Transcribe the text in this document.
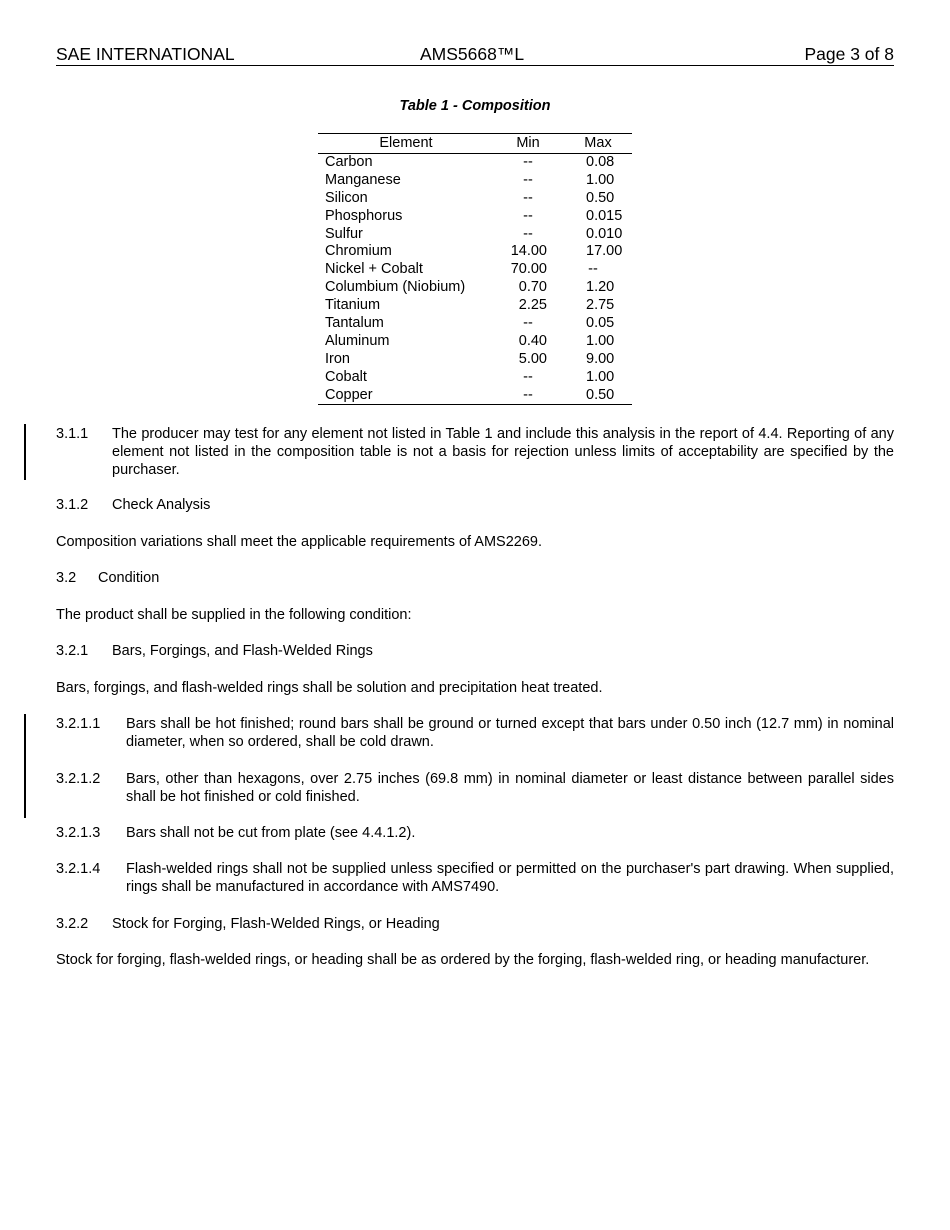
SAE INTERNATIONAL	AMS5668™L	Page 3 of 8
Table 1 - Composition
Element	Min	Max
Carbon	--	0.08
Manganese	--	1.00
Silicon	--	0.50
Phosphorus	--	0.015
Sulfur	--	0.010
Chromium	14.00	17.00
Nickel + Cobalt	70.00	--
Columbium (Niobium)	0.70	1.20
Titanium	2.25	2.75
Tantalum	--	0.05
Aluminum	0.40	1.00
Iron	5.00	9.00
Cobalt	--	1.00
Copper	--	0.50
3.1.1 The producer may test for any element not listed in Table 1 and include this analysis in the report of 4.4. Reporting of any element not listed in the composition table is not a basis for rejection unless limits of acceptability are specified by the purchaser.
3.1.2 Check Analysis
Composition variations shall meet the applicable requirements of AMS2269.
3.2 Condition
The product shall be supplied in the following condition:
3.2.1 Bars, Forgings, and Flash-Welded Rings
Bars, forgings, and flash-welded rings shall be solution and precipitation heat treated.
3.2.1.1 Bars shall be hot finished; round bars shall be ground or turned except that bars under 0.50 inch (12.7 mm) in nominal diameter, when so ordered, shall be cold drawn.
3.2.1.2 Bars, other than hexagons, over 2.75 inches (69.8 mm) in nominal diameter or least distance between parallel sides shall be hot finished or cold finished.
3.2.1.3 Bars shall not be cut from plate (see 4.4.1.2).
3.2.1.4 Flash-welded rings shall not be supplied unless specified or permitted on the purchaser's part drawing. When supplied, rings shall be manufactured in accordance with AMS7490.
3.2.2 Stock for Forging, Flash-Welded Rings, or Heading
Stock for forging, flash-welded rings, or heading shall be as ordered by the forging, flash-welded ring, or heading manufacturer.
